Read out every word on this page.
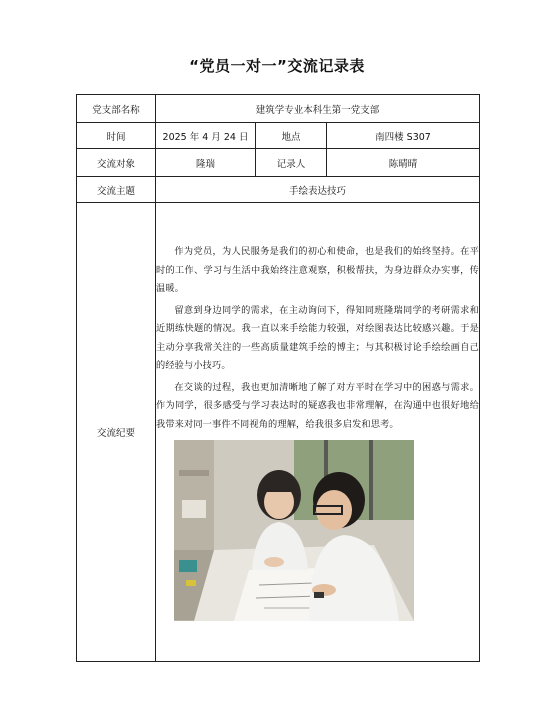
“党员一对一”交流记录表
党支部名称	建筑学专业本科生第一党支部		
时间	2025 年 4 月 24 日	地点	南四楼 S307
交流对象	隆瑞	记录人	陈晴晴
交流主题	手绘表达技巧		
交流纪要	作为党员，为人民服务是我们的初心和使命，也是我们的始终坚持。在平时的工作、学习与生活中我始终注意观察，积极帮扶，为身边群众办实事，传温暖。

留意到身边同学的需求，在主动询问下，得知同班隆瑞同学的考研需求和近期练快题的情况。我一直以来手绘能力较强，对绘图表达比较感兴趣。于是主动分享我常关注的一些高质量建筑手绘的博主；与其积极讨论手绘绘画自己的经验与小技巧。

在交谈的过程，我也更加清晰地了解了对方平时在学习中的困惑与需求。作为同学，很多感受与学习表达时的疑惑我也非常理解，在沟通中也很好地给我带来对同一事件不同视角的理解，给我很多启发和思考。		
